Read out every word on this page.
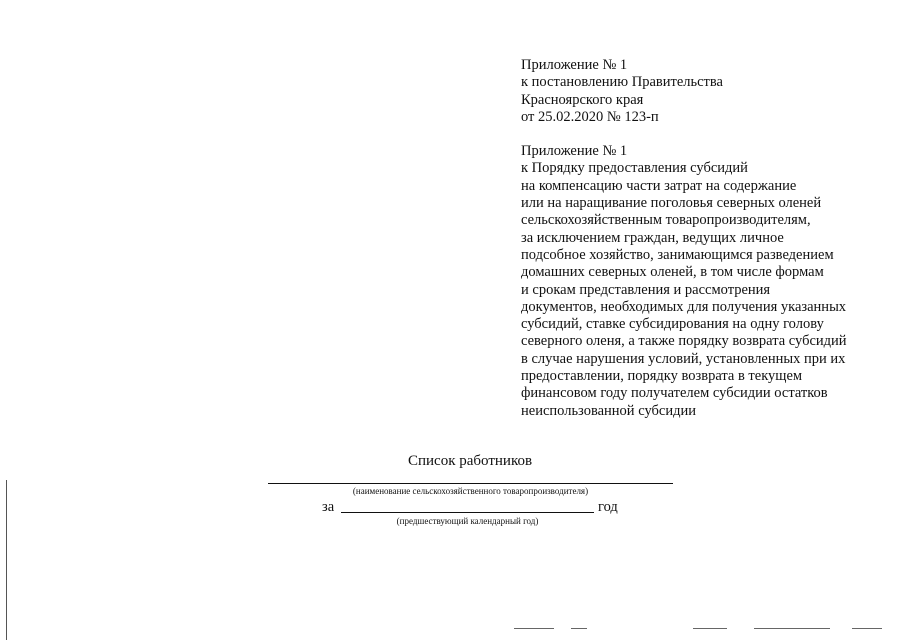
Приложение № 1

к постановлению Правительства

Красноярского края

от 25.02.2020 № 123-п

Приложение № 1

к Порядку предоставления субсидий

на компенсацию части затрат на содержание

или на наращивание поголовья северных оленей

сельскохозяйственным товаропроизводителям,

за исключением граждан, ведущих личное

подсобное хозяйство, занимающимся разведением

домашних северных оленей, в том числе формам

и срокам представления и рассмотрения

документов, необходимых для получения указанных

субсидий, ставке субсидирования на одну голову

северного оленя, а также порядку возврата субсидий

в случае нарушения условий, установленных при их

предоставлении, порядку возврата в текущем

финансовом году получателем субсидии остатков

неиспользованной субсидии

Список работников
(наименование сельскохозяйственного товаропроизводителя)
за	год
(предшествующий календарный год)
